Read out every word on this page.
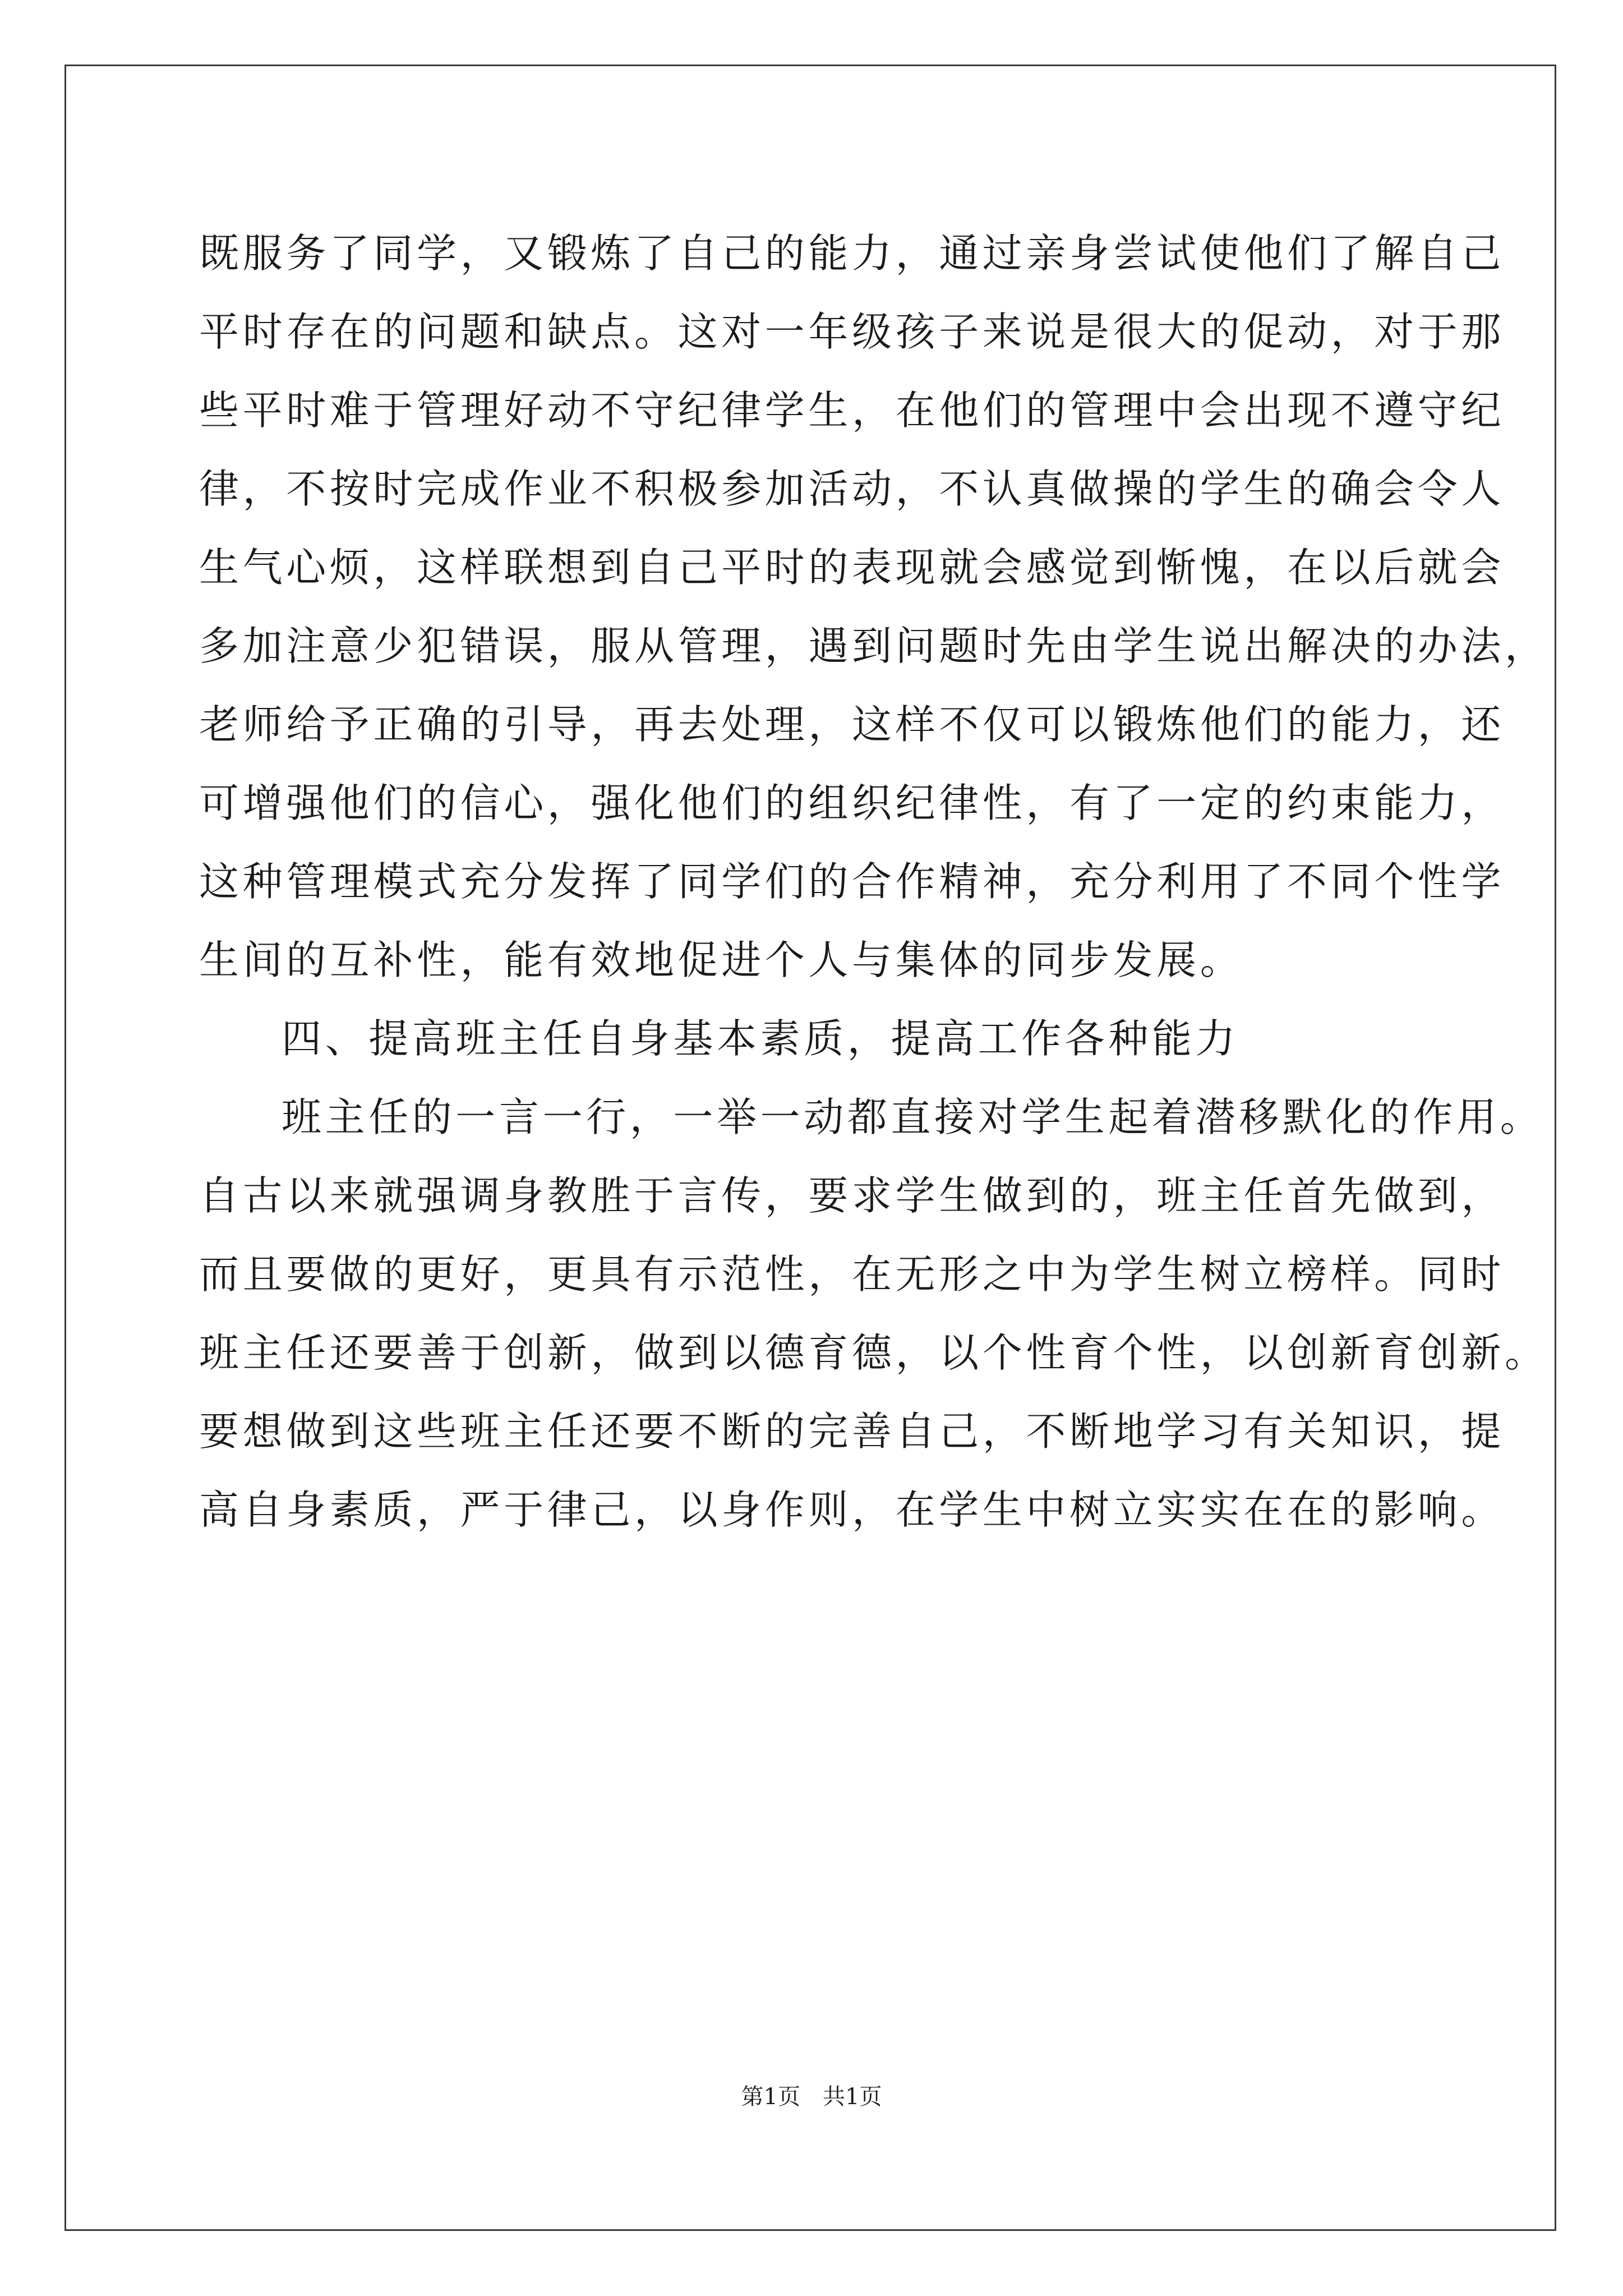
既服务了同学，又锻炼了自己的能力，通过亲身尝试使他们了解自己
平时存在的问题和缺点。这对一年级孩子来说是很大的促动，对于那
些平时难于管理好动不守纪律学生，在他们的管理中会出现不遵守纪
律，不按时完成作业不积极参加活动，不认真做操的学生的确会令人
生气心烦，这样联想到自己平时的表现就会感觉到惭愧，在以后就会
多加注意少犯错误，服从管理，遇到问题时先由学生说出解决的办法，
老师给予正确的引导，再去处理，这样不仅可以锻炼他们的能力，还
可增强他们的信心，强化他们的组织纪律性，有了一定的约束能力，
这种管理模式充分发挥了同学们的合作精神，充分利用了不同个性学
生间的互补性，能有效地促进个人与集体的同步发展。
四、提高班主任自身基本素质，提高工作各种能力
班主任的一言一行，一举一动都直接对学生起着潜移默化的作用。
自古以来就强调身教胜于言传，要求学生做到的，班主任首先做到，
而且要做的更好，更具有示范性，在无形之中为学生树立榜样。同时
班主任还要善于创新，做到以德育德，以个性育个性，以创新育创新。
要想做到这些班主任还要不断的完善自己，不断地学习有关知识，提
高自身素质，严于律己，以身作则，在学生中树立实实在在的影响。
第1页　共1页
